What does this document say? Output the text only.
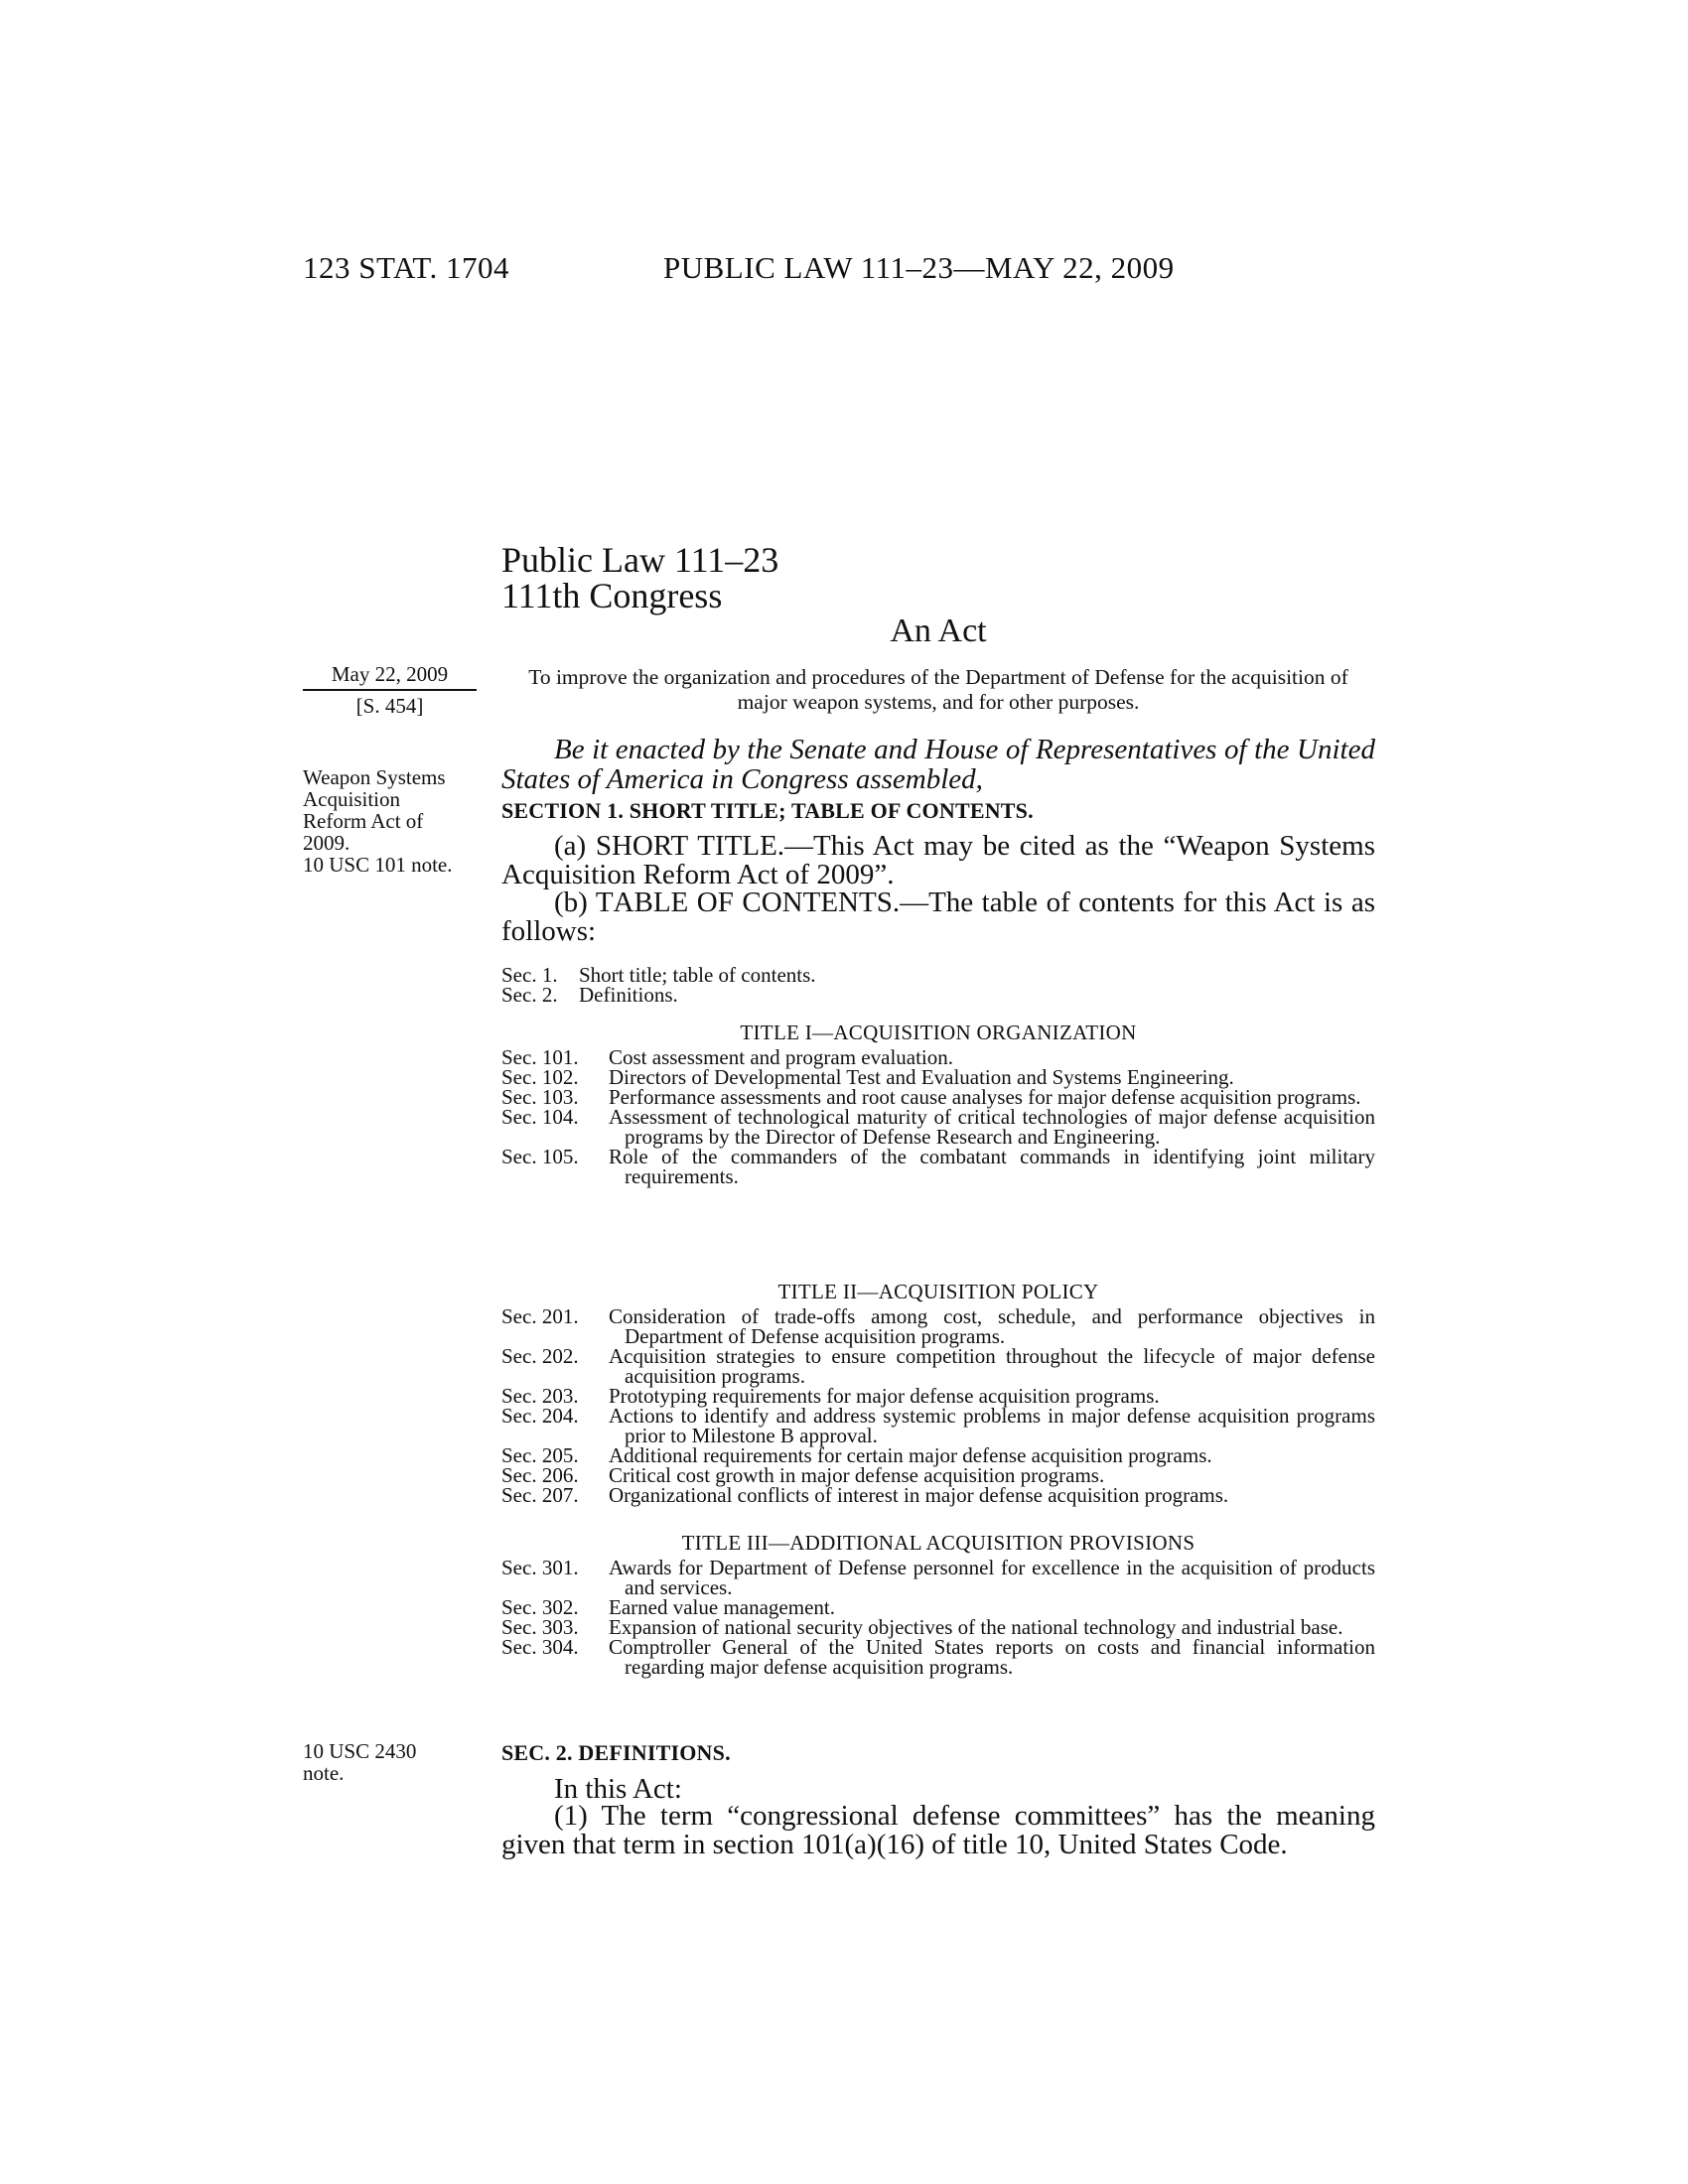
123 STAT. 1704	PUBLIC LAW 111–23—MAY 22, 2009
Public Law 111–23
111th Congress
An Act
May 22, 2009
[S. 454]
To improve the organization and procedures of the Department of Defense for the acquisition of major weapon systems, and for other purposes.
Weapon Systems
Acquisition
Reform Act of
2009.
10 USC 101 note.
Be it enacted by the Senate and House of Representatives of the United States of America in Congress assembled,
SECTION 1. SHORT TITLE; TABLE OF CONTENTS.
(a) SHORT TITLE.—This Act may be cited as the “Weapon Systems Acquisition Reform Act of 2009”.
(b) TABLE OF CONTENTS.—The table of contents for this Act is as follows:
Sec. 1.	Short title; table of contents.
Sec. 2.	Definitions.
TITLE I—ACQUISITION ORGANIZATION
Sec. 101.	Cost assessment and program evaluation.
Sec. 102.	Directors of Developmental Test and Evaluation and Systems Engineering.
Sec. 103.	Performance assessments and root cause analyses for major defense acquisition programs.
Sec. 104.	Assessment of technological maturity of critical technologies of major defense acquisition programs by the Director of Defense Research and Engineering.
Sec. 105.	Role of the commanders of the combatant commands in identifying joint military requirements.
TITLE II—ACQUISITION POLICY
Sec. 201.	Consideration of trade-offs among cost, schedule, and performance objectives in Department of Defense acquisition programs.
Sec. 202.	Acquisition strategies to ensure competition throughout the lifecycle of major defense acquisition programs.
Sec. 203.	Prototyping requirements for major defense acquisition programs.
Sec. 204.	Actions to identify and address systemic problems in major defense acquisition programs prior to Milestone B approval.
Sec. 205.	Additional requirements for certain major defense acquisition programs.
Sec. 206.	Critical cost growth in major defense acquisition programs.
Sec. 207.	Organizational conflicts of interest in major defense acquisition programs.
TITLE III—ADDITIONAL ACQUISITION PROVISIONS
Sec. 301.	Awards for Department of Defense personnel for excellence in the acquisition of products and services.
Sec. 302.	Earned value management.
Sec. 303.	Expansion of national security objectives of the national technology and industrial base.
Sec. 304.	Comptroller General of the United States reports on costs and financial information regarding major defense acquisition programs.
10 USC 2430
note.
SEC. 2. DEFINITIONS.
In this Act:
(1) The term “congressional defense committees” has the meaning given that term in section 101(a)(16) of title 10, United States Code.
